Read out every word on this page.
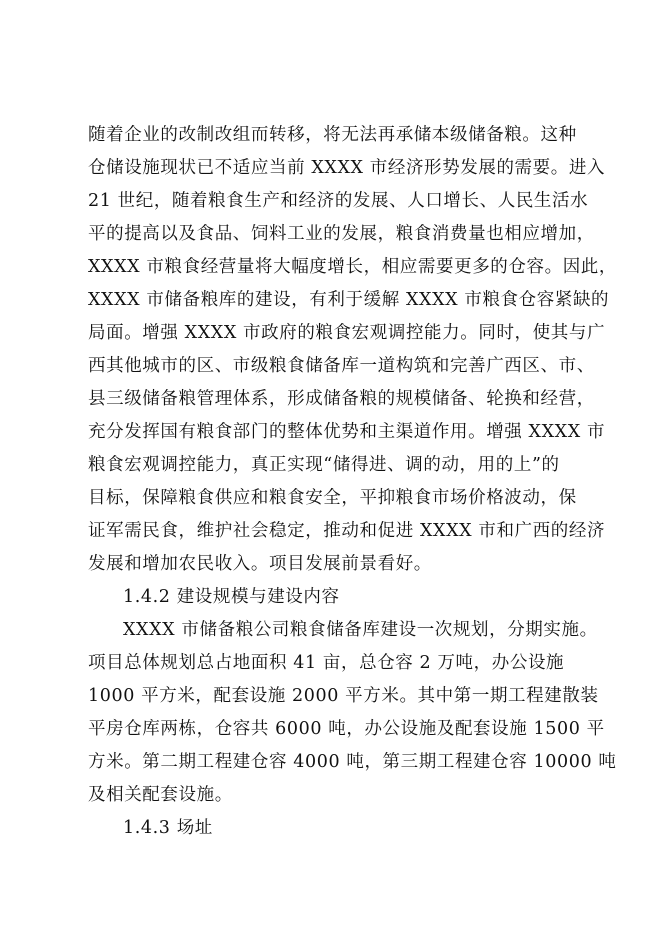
随着企业的改制改组而转移，将无法再承储本级储备粮。这种
仓储设施现状已不适应当前 XXXX 市经济形势发展的需要。进入
21 世纪，随着粮食生产和经济的发展、人口增长、人民生活水
平的提高以及食品、饲料工业的发展，粮食消费量也相应增加，
XXXX 市粮食经营量将大幅度增长，相应需要更多的仓容。因此，
XXXX 市储备粮库的建设，有利于缓解 XXXX 市粮食仓容紧缺的
局面。增强 XXXX 市政府的粮食宏观调控能力。同时，使其与广
西其他城市的区、市级粮食储备库一道构筑和完善广西区、市、
县三级储备粮管理体系，形成储备粮的规模储备、轮换和经营，
充分发挥国有粮食部门的整体优势和主渠道作用。增强 XXXX 市
粮食宏观调控能力，真正实现“储得进、调的动，用的上”的
目标，保障粮食供应和粮食安全，平抑粮食市场价格波动，保
证军需民食，维护社会稳定，推动和促进 XXXX 市和广西的经济
发展和增加农民收入。项目发展前景看好。
1.4.2 建设规模与建设内容
XXXX 市储备粮公司粮食储备库建设一次规划，分期实施。
项目总体规划总占地面积 41 亩，总仓容 2 万吨，办公设施
1000 平方米，配套设施 2000 平方米。其中第一期工程建散装
平房仓库两栋，仓容共 6000 吨，办公设施及配套设施 1500 平
方米。第二期工程建仓容 4000 吨，第三期工程建仓容 10000 吨
及相关配套设施。
1.4.3 场址
